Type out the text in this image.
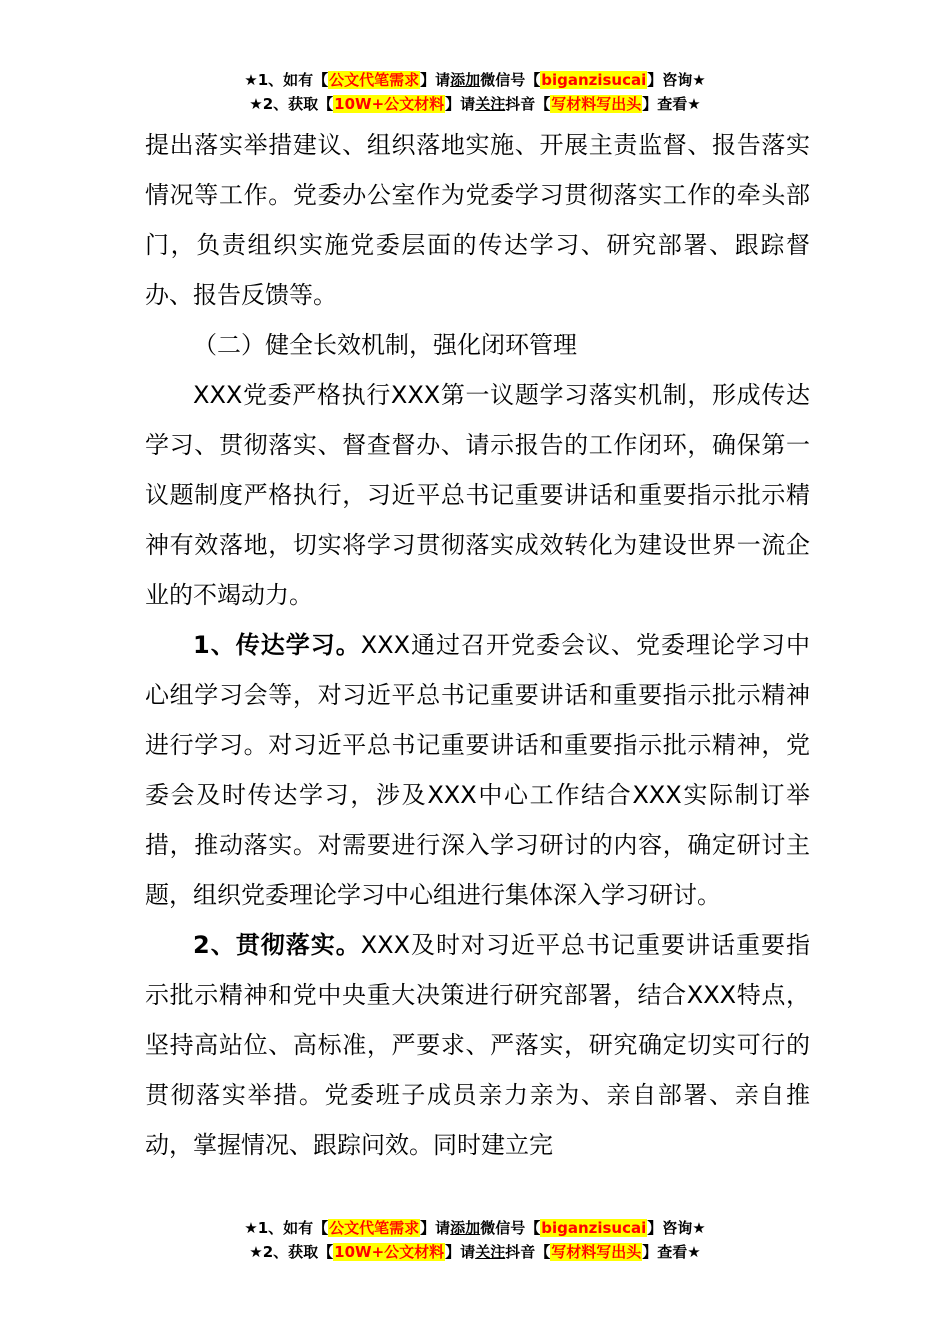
★1、如有【公文代笔需求】请添加微信号【biganzisucai】咨询★
★2、获取【10W+公文材料】请关注抖音【写材料写出头】查看★

提出落实举措建议、组织落地实施、开展主责监督、报告落实情况等工作。党委办公室作为党委学习贯彻落实工作的牵头部门，负责组织实施党委层面的传达学习、研究部署、跟踪督办、报告反馈等。

（二）健全长效机制，强化闭环管理

XXX党委严格执行XXX第一议题学习落实机制，形成传达学习、贯彻落实、督查督办、请示报告的工作闭环，确保第一议题制度严格执行，习近平总书记重要讲话和重要指示批示精神有效落地，切实将学习贯彻落实成效转化为建设世界一流企业的不竭动力。

1、传达学习。XXX通过召开党委会议、党委理论学习中心组学习会等，对习近平总书记重要讲话和重要指示批示精神进行学习。对习近平总书记重要讲话和重要指示批示精神，党委会及时传达学习，涉及XXX中心工作结合XXX实际制订举措，推动落实。对需要进行深入学习研讨的内容，确定研讨主题，组织党委理论学习中心组进行集体深入学习研讨。

2、贯彻落实。XXX及时对习近平总书记重要讲话重要指示批示精神和党中央重大决策进行研究部署，结合XXX特点，坚持高站位、高标准，严要求、严落实，研究确定切实可行的贯彻落实举措。党委班子成员亲力亲为、亲自部署、亲自推动，掌握情况、跟踪问效。同时建立完

★1、如有【公文代笔需求】请添加微信号【biganzisucai】咨询★
★2、获取【10W+公文材料】请关注抖音【写材料写出头】查看★
